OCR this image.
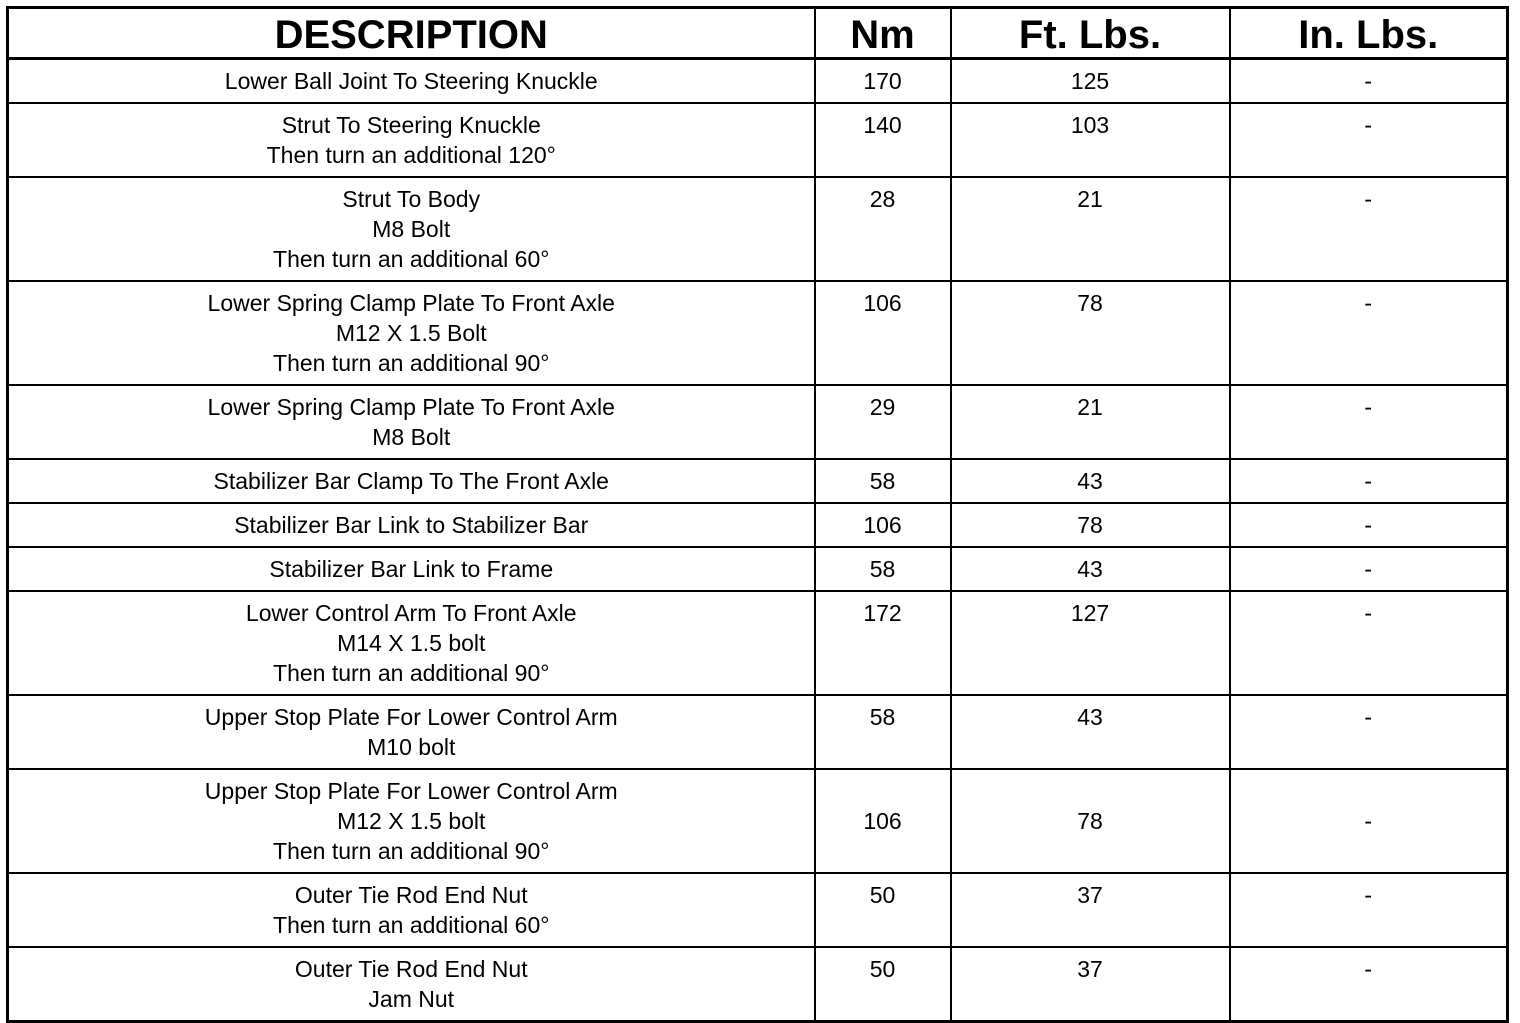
DESCRIPTION	Nm	Ft. Lbs.	In. Lbs.

Lower Ball Joint To Steering Knuckle	170	125	-

Strut To Steering Knuckle
Then turn an additional 120°	140	103	-

Strut To Body
M8 Bolt
Then turn an additional 60°	28	21	-

Lower Spring Clamp Plate To Front Axle
M12 X 1.5 Bolt
Then turn an additional 90°	106	78	-

Lower Spring Clamp Plate To Front Axle
M8 Bolt	29	21	-

Stabilizer Bar Clamp To The Front Axle	58	43	-

Stabilizer Bar Link to Stabilizer Bar	106	78	-

Stabilizer Bar Link to Frame	58	43	-

Lower Control Arm To Front Axle
M14 X 1.5 bolt
Then turn an additional 90°	172	127	-

Upper Stop Plate For Lower Control Arm
M10 bolt	58	43	-

Upper Stop Plate For Lower Control Arm
M12 X 1.5 bolt
Then turn an additional 90°	106	78	-

Outer Tie Rod End Nut
Then turn an additional 60°	50	37	-

Outer Tie Rod End Nut
Jam Nut	50	37	-
